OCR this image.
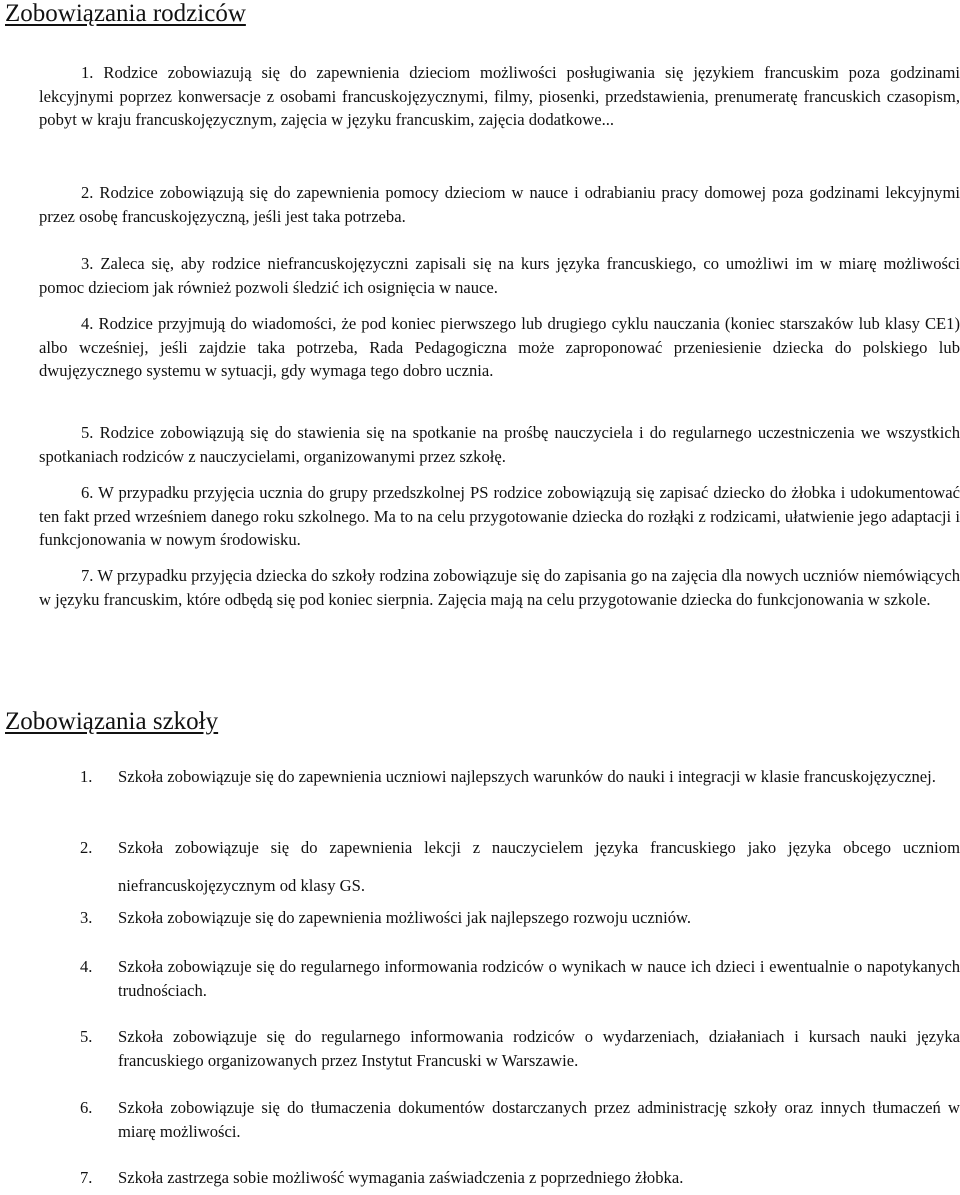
Zobowiązania rodziców
1. Rodzice zobowiazują się do zapewnienia dzieciom możliwości posługiwania się językiem francuskim poza godzinami lekcyjnymi poprzez konwersacje z osobami francuskojęzycznymi, filmy, piosenki, przedstawienia, prenumeratę francuskich czasopism, pobyt w kraju francuskojęzycznym, zajęcia w języku francuskim, zajęcia dodatkowe...
2. Rodzice zobowiązują się do zapewnienia pomocy dzieciom w nauce i odrabianiu pracy domowej poza godzinami lekcyjnymi przez osobę francuskojęzyczną, jeśli jest taka potrzeba.
3. Zaleca się, aby rodzice niefrancuskojęzyczni zapisali się na kurs języka francuskiego, co umożliwi im w miarę możliwości pomoc dzieciom jak również pozwoli śledzić ich osignięcia w nauce.
4. Rodzice przyjmują do wiadomości, że pod koniec pierwszego lub drugiego cyklu nauczania (koniec starszaków lub klasy CE1) albo wcześniej, jeśli zajdzie taka potrzeba, Rada Pedagogiczna może zaproponować przeniesienie dziecka do polskiego lub dwujęzycznego systemu w sytuacji, gdy wymaga tego dobro ucznia.
5. Rodzice zobowiązują się do stawienia się na spotkanie na prośbę nauczyciela i do regularnego uczestniczenia we wszystkich spotkaniach rodziców z nauczycielami, organizowanymi przez szkołę.
6. W przypadku przyjęcia ucznia do grupy przedszkolnej PS rodzice zobowiązują się zapisać dziecko do żłobka i udokumentować ten fakt przed wrześniem danego roku szkolnego. Ma to na celu przygotowanie dziecka do rozłąki z rodzicami, ułatwienie jego adaptacji i funkcjonowania w nowym środowisku.
7. W przypadku przyjęcia dziecka do szkoły rodzina zobowiązuje się do zapisania go na zajęcia dla nowych uczniów niemówiących w języku francuskim, które odbędą się pod koniec sierpnia. Zajęcia mają na celu przygotowanie dziecka do funkcjonowania w szkole.
Zobowiązania szkoły
1. Szkoła zobowiązuje się do zapewnienia uczniowi najlepszych warunków do nauki i integracji w klasie francuskojęzycznej.
2. Szkoła zobowiązuje się do zapewnienia lekcji z nauczycielem języka francuskiego jako języka obcego uczniom niefrancuskojęzycznym od klasy GS.
3. Szkoła zobowiązuje się do zapewnienia możliwości jak najlepszego rozwoju uczniów.
4. Szkoła zobowiązuje się do regularnego informowania rodziców o wynikach w nauce ich dzieci i ewentualnie o napotykanych trudnościach.
5. Szkoła zobowiązuje się do regularnego informowania rodziców o wydarzeniach, działaniach i kursach nauki języka francuskiego organizowanych przez Instytut Francuski w Warszawie.
6. Szkoła zobowiązuje się do tłumaczenia dokumentów dostarczanych przez administrację szkoły oraz innych tłumaczeń w miarę możliwości.
7. Szkoła zastrzega sobie możliwość wymagania zaświadczenia z poprzedniego żłobka.
